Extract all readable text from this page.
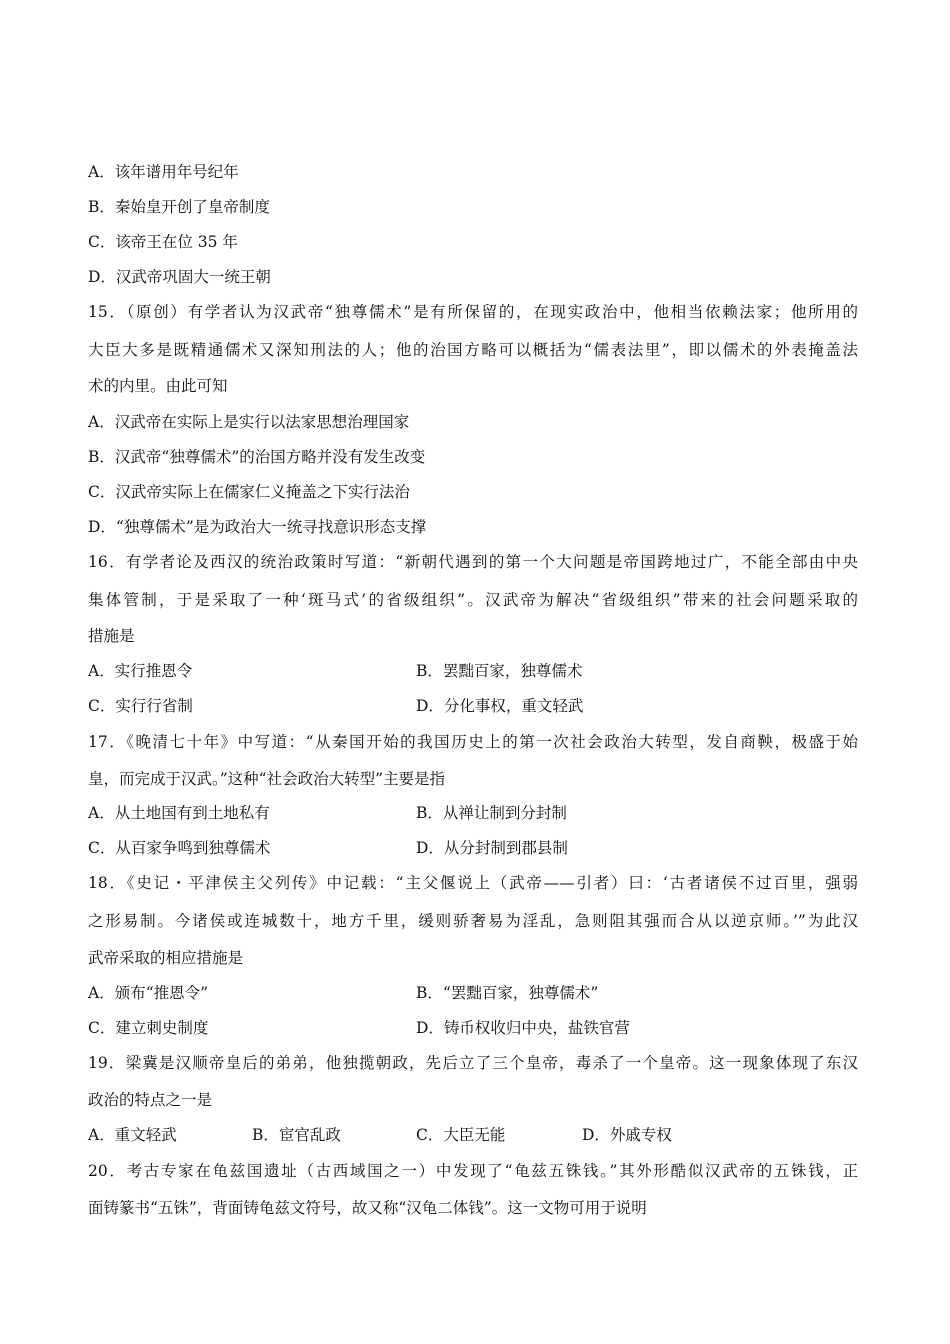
A．该年谱用年号纪年
B．秦始皇开创了皇帝制度
C．该帝王在位 35 年
D．汉武帝巩固大一统王朝
15．（原创）有学者认为汉武帝“独尊儒术”是有所保留的，在现实政治中，他相当依赖法家；他所用的
大臣大多是既精通儒术又深知刑法的人；他的治国方略可以概括为“儒表法里”，即以儒术的外表掩盖法
术的内里。由此可知
A．汉武帝在实际上是实行以法家思想治理国家
B．汉武帝“独尊儒术”的治国方略并没有发生改变
C．汉武帝实际上在儒家仁义掩盖之下实行法治
D．“独尊儒术”是为政治大一统寻找意识形态支撑
16．有学者论及西汉的统治政策时写道：“新朝代遇到的第一个大问题是帝国跨地过广，不能全部由中央
集体管制，于是采取了一种‘斑马式’的省级组织”。汉武帝为解决“省级组织”带来的社会问题采取的
措施是
A．实行推恩令	B．罢黜百家，独尊儒术
C．实行行省制	D．分化事权，重文轻武
17．《晚清七十年》中写道：“从秦国开始的我国历史上的第一次社会政治大转型，发自商鞅，极盛于始
皇，而完成于汉武。”这种“社会政治大转型”主要是指
A．从土地国有到土地私有	B．从禅让制到分封制
C．从百家争鸣到独尊儒术	D．从分封制到郡县制
18．《史记・平津侯主父列传》中记载：“主父偃说上（武帝——引者）曰：‘古者诸侯不过百里，强弱
之形易制。今诸侯或连城数十，地方千里，缓则骄奢易为淫乱，急则阻其强而合从以逆京师。’”为此汉
武帝采取的相应措施是
A．颁布“推恩令”	B．“罢黜百家，独尊儒术”
C．建立刺史制度	D．铸币权收归中央，盐铁官营
19．梁冀是汉顺帝皇后的弟弟，他独揽朝政，先后立了三个皇帝，毒杀了一个皇帝。这一现象体现了东汉
政治的特点之一是
A．重文轻武	B．宦官乱政	C．大臣无能	D．外戚专权
20．考古专家在龟兹国遗址（古西域国之一）中发现了“龟兹五铢钱。”其外形酷似汉武帝的五铢钱，正
面铸篆书“五铢”，背面铸龟兹文符号，故又称“汉龟二体钱”。这一文物可用于说明
